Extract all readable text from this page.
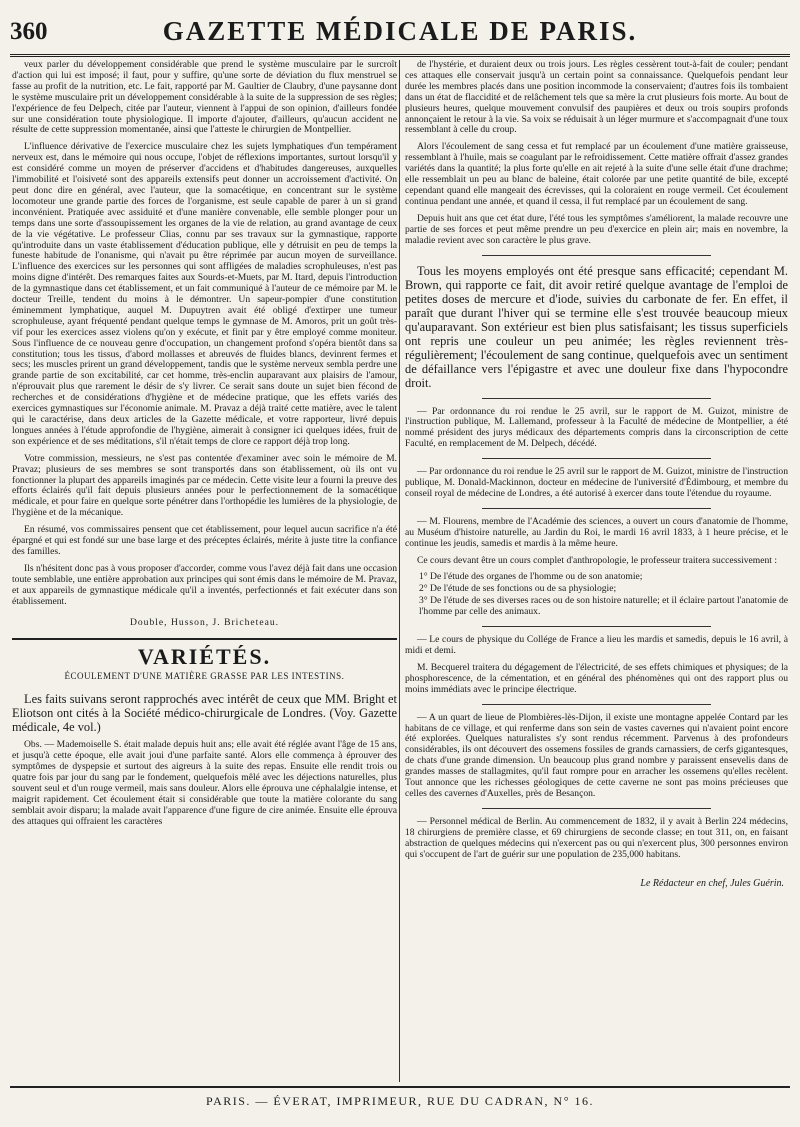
360	GAZETTE MÉDICALE DE PARIS.

veux parler du développement considérable que prend le système musculaire par le surcroît d'action qui lui est imposé; il faut, pour y suffire, qu'une sorte de déviation du flux menstruel se fasse au profit de la nutrition, etc. Le fait, rapporté par M. Gaultier de Claubry, d'une paysanne dont le système musculaire prit un développement considérable à la suite de la suppression de ses règles; l'expérience de feu Delpech, citée par l'auteur, viennent à l'appui de son opinion, d'ailleurs fondée sur une considération toute physiologique. Il importe d'ajouter, d'ailleurs, qu'aucun accident ne résulte de cette suppression momentanée, ainsi que l'atteste le chirurgien de Montpellier.

L'influence dérivative de l'exercice musculaire chez les sujets lymphatiques d'un tempérament nerveux est, dans le mémoire qui nous occupe, l'objet de réflexions importantes, surtout lorsqu'il y est considéré comme un moyen de préserver d'accidens et d'habitudes dangereuses, auxquelles l'immobilité et l'oisiveté sont des appareils extensifs peut donner un accroissement d'activité. On peut donc dire en général, avec l'auteur, que la somacétique, en concentrant sur le système locomoteur une grande partie des forces de l'organisme, est seule capable de parer à un si grand inconvénient. Pratiquée avec assiduité et d'une manière convenable, elle semble plonger pour un temps dans une sorte d'assoupissement les organes de la vie de relation, au grand avantage de ceux de la vie végétative. Le professeur Clias, connu par ses travaux sur la gymnastique, rapporte qu'introduite dans un vaste établissement d'éducation publique, elle y détruisit en peu de temps la funeste habitude de l'onanisme, qui n'avait pu être réprimée par aucun moyen de surveillance. L'influence des exercices sur les personnes qui sont affligées de maladies scrophuleuses, n'est pas moins digne d'intérêt. Des remarques faites aux Sourds-et-Muets, par M. Itard, depuis l'introduction de la gymnastique dans cet établissement, et un fait communiqué à l'auteur de ce mémoire par M. le docteur Treille, tendent du moins à le démontrer. Un sapeur-pompier d'une constitution éminemment lymphatique, auquel M. Dupuytren avait été obligé d'extirper une tumeur scrophuleuse, ayant fréquenté pendant quelque temps le gymnase de M. Amoros, prit un goût très-vif pour les exercices assez violens qu'on y exécute, et finit par y être employé comme moniteur. Sous l'influence de ce nouveau genre d'occupation, un changement profond s'opéra bientôt dans sa constitution; tous les tissus, d'abord mollasses et abreuvés de fluides blancs, devinrent fermes et secs; les muscles prirent un grand développement, tandis que le système nerveux sembla perdre une grande partie de son excitabilité, car cet homme, très-enclin auparavant aux plaisirs de l'amour, n'éprouvait plus que rarement le désir de s'y livrer. Ce serait sans doute un sujet bien fécond de recherches et de considérations d'hygiène et de médecine pratique, que les effets variés des exercices gymnastiques sur l'économie animale. M. Pravaz a déjà traité cette matière, avec le talent qui le caractérise, dans deux articles de la Gazette médicale, et votre rapporteur, livré depuis longues années à l'étude approfondie de l'hygiène, aimerait à consigner ici quelques idées, fruit de son expérience et de ses méditations, s'il n'était temps de clore ce rapport déjà trop long.

Votre commission, messieurs, ne s'est pas contentée d'examiner avec soin le mémoire de M. Pravaz; plusieurs de ses membres se sont transportés dans son établissement, où ils ont vu fonctionner la plupart des appareils imaginés par ce médecin. Cette visite leur a fourni la preuve des efforts éclairés qu'il fait depuis plusieurs années pour le perfectionnement de la somacétique médicale, et pour faire en quelque sorte pénétrer dans l'orthopédie les lumières de la physiologie, de l'hygiène et de la mécanique.

En résumé, vos commissaires pensent que cet établissement, pour lequel aucun sacrifice n'a été épargné et qui est fondé sur une base large et des préceptes éclairés, mérite à juste titre la confiance des familles.

Ils n'hésitent donc pas à vous proposer d'accorder, comme vous l'avez déjà fait dans une occasion toute semblable, une entière approbation aux principes qui sont émis dans le mémoire de M. Pravaz, et aux appareils de gymnastique médicale qu'il a inventés, perfectionnés et fait exécuter dans son établissement.

Double, Husson, J. Bricheteau.

VARIÉTÉS.

ÉCOULEMENT D'UNE MATIÈRE GRASSE PAR LES INTESTINS.

Les faits suivans seront rapprochés avec intérêt de ceux que MM. Bright et Eliotson ont cités à la Société médico-chirurgicale de Londres. (Voy. Gazette médicale, 4e vol.)

Obs. — Mademoiselle S. était malade depuis huit ans; elle avait été réglée avant l'âge de 15 ans, et jusqu'à cette époque, elle avait joui d'une parfaite santé. Alors elle commença à éprouver des symptômes de dyspepsie et surtout des aigreurs à la suite des repas. Ensuite elle rendit trois ou quatre fois par jour du sang par le fondement, quelquefois mêlé avec les déjections naturelles, plus souvent seul et d'un rouge vermeil, mais sans douleur. Alors elle éprouva une céphalalgie intense, et maigrit rapidement. Cet écoulement était si considérable que toute la matière colorante du sang semblait avoir disparu; la malade avait l'apparence d'une figure de cire animée. Ensuite elle éprouva des attaques qui offraient les caractères

de l'hystérie, et duraient deux ou trois jours. Les règles cessèrent tout-à-fait de couler; pendant ces attaques elle conservait jusqu'à un certain point sa connaissance. Quelquefois pendant leur durée les membres placés dans une position incommode la conservaient; d'autres fois ils tombaient dans un état de flaccidité et de relâchement tels que sa mère la crut plusieurs fois morte. Au bout de plusieurs heures, quelque mouvement convulsif des paupières et deux ou trois soupirs profonds annonçaient le retour à la vie. Sa voix se réduisait à un léger murmure et s'accompagnait d'une toux ressemblant à celle du croup.

Alors l'écoulement de sang cessa et fut remplacé par un écoulement d'une matière graisseuse, ressemblant à l'huile, mais se coagulant par le refroidissement. Cette matière offrait d'assez grandes variétés dans la quantité; la plus forte qu'elle en ait rejeté à la suite d'une selle était d'une drachme; elle ressemblait un peu au blanc de baleine, était colorée par une petite quantité de bile, excepté cependant quand elle mangeait des écrevisses, qui la coloraient en rouge vermeil. Cet écoulement continua pendant une année, et quand il cessa, il fut remplacé par un écoulement de sang.

Depuis huit ans que cet état dure, l'été tous les symptômes s'améliorent, la malade recouvre une partie de ses forces et peut même prendre un peu d'exercice en plein air; mais en novembre, la maladie revient avec son caractère le plus grave.

Tous les moyens employés ont été presque sans efficacité; cependant M. Brown, qui rapporte ce fait, dit avoir retiré quelque avantage de l'emploi de petites doses de mercure et d'iode, suivies du carbonate de fer. En effet, il paraît que durant l'hiver qui se termine elle s'est trouvée beaucoup mieux qu'auparavant. Son extérieur est bien plus satisfaisant; les tissus superficiels ont repris une couleur un peu animée; les règles reviennent très-régulièrement; l'écoulement de sang continue, quelquefois avec un sentiment de défaillance vers l'épigastre et avec une douleur fixe dans l'hypocondre droit.

— Par ordonnance du roi rendue le 25 avril, sur le rapport de M. Guizot, ministre de l'instruction publique, M. Lallemand, professeur à la Faculté de médecine de Montpellier, a été nommé président des jurys médicaux des départements compris dans la circonscription de cette Faculté, en remplacement de M. Delpech, décédé.

— Par ordonnance du roi rendue le 25 avril sur le rapport de M. Guizot, ministre de l'instruction publique, M. Donald-Mackinnon, docteur en médecine de l'université d'Édimbourg, et membre du conseil royal de médecine de Londres, a été autorisé à exercer dans toute l'étendue du royaume.

— M. Flourens, membre de l'Académie des sciences, a ouvert un cours d'anatomie de l'homme, au Muséum d'histoire naturelle, au Jardin du Roi, le mardi 16 avril 1833, à 1 heure précise, et le continue les jeudis, samedis et mardis à la même heure.

Ce cours devant être un cours complet d'anthropologie, le professeur traitera successivement :

1° De l'étude des organes de l'homme ou de son anatomie;

2° De l'étude de ses fonctions ou de sa physiologie;

3° De l'étude de ses diverses races ou de son histoire naturelle; et il éclaire partout l'anatomie de l'homme par celle des animaux.

— Le cours de physique du Collége de France a lieu les mardis et samedis, depuis le 16 avril, à midi et demi.

M. Becquerel traitera du dégagement de l'électricité, de ses effets chimiques et physiques; de la phosphorescence, de la cémentation, et en général des phénomènes qui ont des rapport plus ou moins immédiats avec le principe électrique.

— A un quart de lieue de Plombières-lès-Dijon, il existe une montagne appelée Contard par les habitans de ce village, et qui renferme dans son sein de vastes cavernes qui n'avaient point encore été explorées. Quelques naturalistes s'y sont rendus récemment. Parvenus à des profondeurs considérables, ils ont découvert des ossemens fossiles de grands carnassiers, de cerfs gigantesques, de chats d'une grande dimension. Un beaucoup plus grand nombre y paraissent ensevelis dans de grandes masses de stallagmites, qu'il faut rompre pour en arracher les ossemens qu'elles recèlent. Tout annonce que les richesses géologiques de cette caverne ne sont pas moins précieuses que celles des cavernes d'Auxelles, près de Besançon.

— Personnel médical de Berlin. Au commencement de 1832, il y avait à Berlin 224 médecins, 18 chirurgiens de première classe, et 69 chirurgiens de seconde classe; en tout 311, on, en faisant abstraction de quelques médecins qui n'exercent pas ou qui n'exercent plus, 300 personnes environ qui s'occupent de l'art de guérir sur une population de 235,000 habitans.

Le Rédacteur en chef, Jules Guérin.

PARIS. — ÉVERAT, IMPRIMEUR, RUE DU CADRAN, N° 16.
